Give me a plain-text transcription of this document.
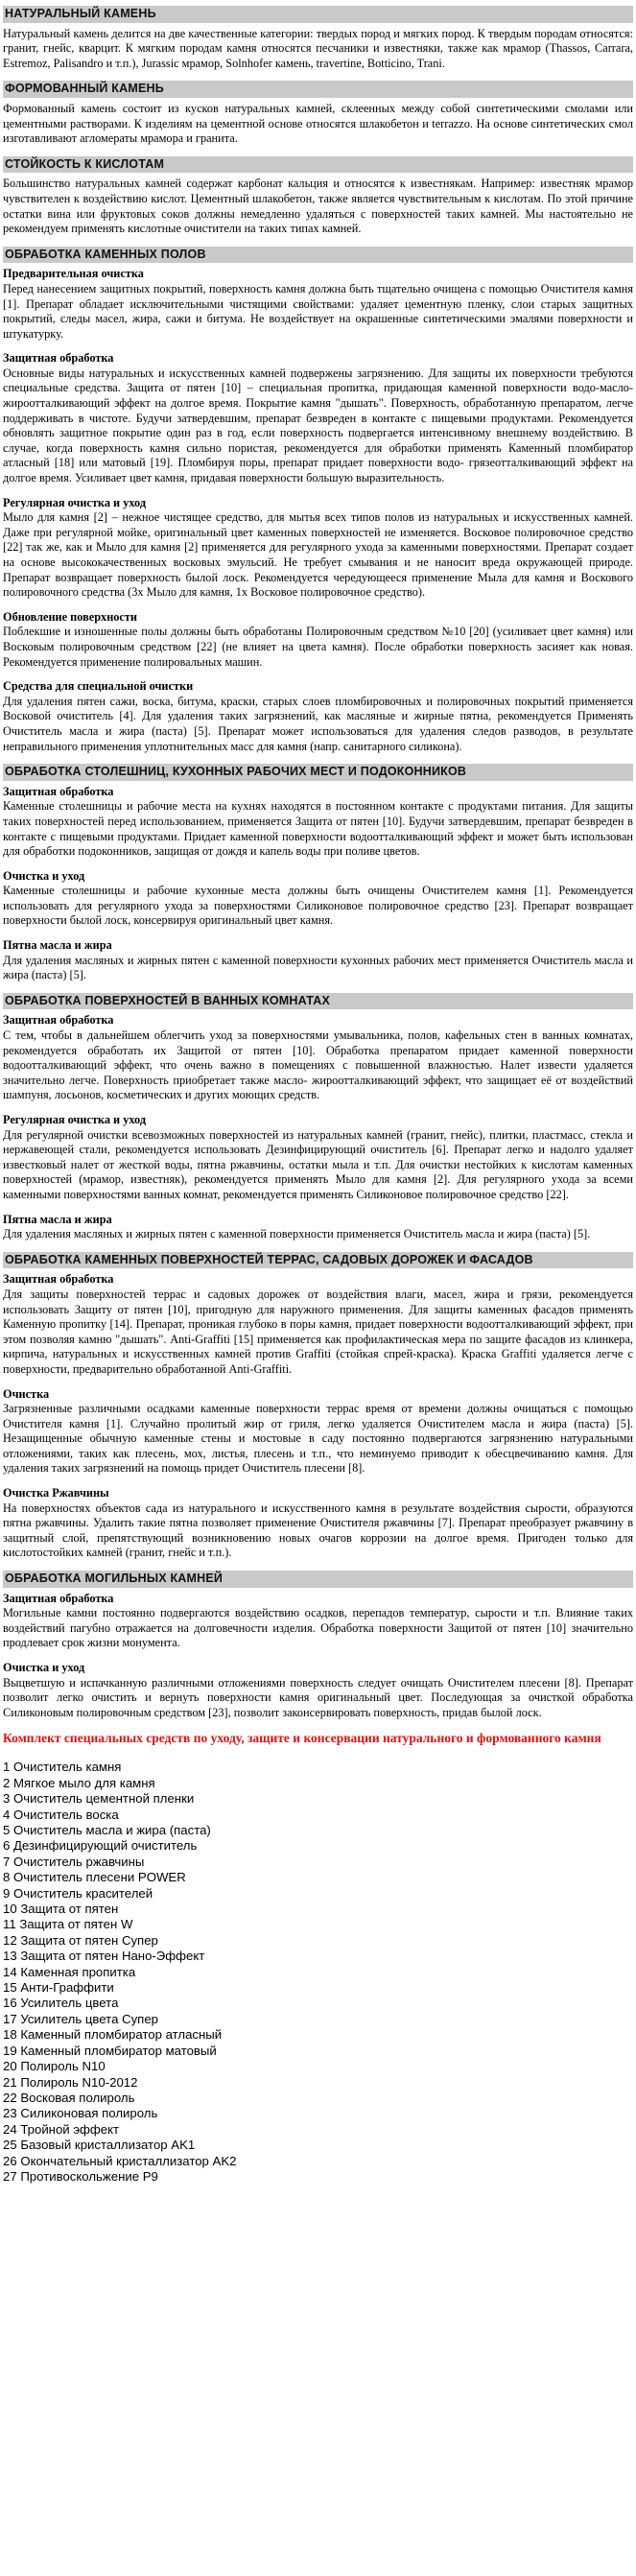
НАТУРАЛЬНЫЙ КАМЕНЬ

Натуральный камень делится на две качественные категории: твердых пород и мягких пород. К твердым породам относятся: гранит, гнейс, кварцит. К мягким породам камня относятся песчаники и известняки, также как мрамор (Thassos, Carrara, Estremoz, Palisandro и т.п.), Jurassic мрамор, Solnhofer камень, travertine, Botticino, Trani.

ФОРМОВАННЫЙ КАМЕНЬ

Формованный камень состоит из кусков натуральных камней, склеенных между собой синтетическими смолами или цементными растворами. К изделиям на цементной основе относятся шлакобетон и terrazzo. На основе синтетических смол изготавливают агломераты мрамора и гранита.

СТОЙКОСТЬ К КИСЛОТАМ

Большинство натуральных камней содержат карбонат кальция и относятся к известнякам. Например: известняк мрамор чувствителен к воздействию кислот. Цементный шлакобетон, также является чувствительным к кислотам. По этой причине остатки вина или фруктовых соков должны немедленно удаляться с поверхностей таких камней. Мы настоятельно не рекомендуем применять кислотные очистители на таких типах камней.

ОБРАБОТКА КАМЕННЫХ ПОЛОВ
Предварительная очистка

Перед нанесением защитных покрытий, поверхность камня должна быть тщательно очищена с помощью Очистителя камня [1]. Препарат обладает исключительными чистящими свойствами: удаляет цементную пленку, слои старых защитных покрытий, следы масел, жира, сажи и битума. Не воздействует на окрашенные синтетическими эмалями поверхности и штукатурку.

Защитная обработка

Основные виды натуральных и искусственных камней подвержены загрязнению. Для защиты их поверхности требуются специальные средства. Защита от пятен [10] – специальная пропитка, придающая каменной поверхности водо-масло-жироотталкивающий эффект на долгое время. Покрытие камня "дышать". Поверхность, обработанную препаратом, легче поддерживать в чистоте. Будучи затвердевшим, препарат безвреден в контакте с пищевыми продуктами. Рекомендуется обновлять защитное покрытие один раз в год, если поверхность подвергается интенсивному внешнему воздействию. В случае, когда поверхность камня сильно пористая, рекомендуется для обработки применять Каменный пломбиратор атласный [18] или матовый [19]. Пломбируя поры, препарат придает поверхности водо- грязеотталкивающий эффект на долгое время. Усиливает цвет камня, придавая поверхности большую выразительность.

Регулярная очистка и уход

Мыло для камня [2] – нежное чистящее средство, для мытья всех типов полов из натуральных и искусственных камней. Даже при регулярной мойке, оригинальный цвет каменных поверхностей не изменяется. Восковое полировочное средство [22] так же, как и Мыло для камня [2] применяется для регулярного ухода за каменными поверхностями. Препарат создает на основе высококачественных восковых эмульсий. Не требует смывания и не наносит вреда окружающей природе. Препарат возвращает поверхность былой лоск. Рекомендуется чередующееся применение Мыла для камня и Воскового полировочного средства (3х Мыло для камня, 1х Восковое полировочное средство).

Обновление поверхности

Поблекшие и изношенные полы должны быть обработаны Полировочным средством №10 [20] (усиливает цвет камня) или Восковым полировочным средством [22] (не влияет на цвета камня). После обработки поверхность засияет как новая. Рекомендуется применение полировальных машин.

Средства для специальной очистки

Для удаления пятен сажи, воска, битума, краски, старых слоев пломбировочных и полировочных покрытий применяется Восковой очиститель [4]. Для удаления таких загрязнений, как масляные и жирные пятна, рекомендуется Применять Очиститель масла и жира (паста) [5]. Препарат может использоваться для удаления следов разводов, в результате неправильного применения уплотнительных масс для камня (напр. санитарного силикона).

ОБРАБОТКА СТОЛЕШНИЦ, КУХОННЫХ РАБОЧИХ МЕСТ И ПОДОКОННИКОВ
Защитная обработка

Каменные столешницы и рабочие места на кухнях находятся в постоянном контакте с продуктами питания. Для защиты таких поверхностей перед использованием, применяется Защита от пятен [10]. Будучи затвердевшим, препарат безвреден в контакте с пищевыми продуктами. Придает каменной поверхности водоотталкивающий эффект и может быть использован для обработки подоконников, защищая от дождя и капель воды при поливе цветов.

Очистка и уход

Каменные столешницы и рабочие кухонные места должны быть очищены Очистителем камня [1]. Рекомендуется использовать для регулярного ухода за поверхностями Силиконовое полировочное средство [23]. Препарат возвращает поверхности былой лоск, консервируя оригинальный цвет камня.

Пятна масла и жира

Для удаления масляных и жирных пятен с каменной поверхности кухонных рабочих мест применяется Очиститель масла и жира (паста) [5].

ОБРАБОТКА ПОВЕРХНОСТЕЙ В ВАННЫХ КОМНАТАХ
Защитная обработка

С тем, чтобы в дальнейшем облегчить уход за поверхностями умывальника, полов, кафельных стен в ванных комнатах, рекомендуется обработать их Защитой от пятен [10]. Обработка препаратом придает каменной поверхности водоотталкивающий эффект, что очень важно в помещениях с повышенной влажностью. Налет извести удаляется значительно легче. Поверхность приобретает также масло- жироотталкивающий эффект, что защищает её от воздействий шампуня, лосьонов, косметических и других моющих средств.

Регулярная очистка и уход

Для регулярной очистки всевозможных поверхностей из натуральных камней (гранит, гнейс), плитки, пластмасс, стекла и нержавеющей стали, рекомендуется использовать Дезинфицирующий очиститель [6]. Препарат легко и надолго удаляет известковый налет от жесткой воды, пятна ржавчины, остатки мыла и т.п. Для очистки нестойких к кислотам каменных поверхностей (мрамор, известняк), рекомендуется применять Мыло для камня [2]. Для регулярного ухода за всеми каменными поверхностями ванных комнат, рекомендуется применять Силиконовое полировочное средство [22].

Пятна масла и жира

Для удаления масляных и жирных пятен с каменной поверхности применяется Очиститель масла и жира (паста) [5].

ОБРАБОТКА КАМЕННЫХ ПОВЕРХНОСТЕЙ ТЕРРАС, САДОВЫХ ДОРОЖЕК И ФАСАДОВ
Защитная обработка

Для защиты поверхностей террас и садовых дорожек от воздействия влаги, масел, жира и грязи, рекомендуется использовать Защиту от пятен [10], пригодную для наружного применения. Для защиты каменных фасадов применять Каменную пропитку [14]. Препарат, проникая глубоко в поры камня, придает поверхности водоотталкивающий эффект, при этом позволяя камню "дышать". Anti-Graffiti [15] применяется как профилактическая мера по защите фасадов из клинкера, кирпича, натуральных и искусственных камней против Graffiti (стойкая спрей-краска). Краска Graffiti удаляется легче с поверхности, предварительно обработанной Anti-Graffiti.

Очистка

Загрязненные различными осадками каменные поверхности террас время от времени должны очищаться с помощью Очистителя камня [1]. Случайно пролитый жир от гриля, легко удаляется Очистителем масла и жира (паста) [5]. Незащищенные обычную каменные стены и мостовые в саду постоянно подвергаются загрязнению натуральными отложениями, таких как плесень, мох, листья, плесень и т.п., что неминуемо приводит к обесцвечиванию камня. Для удаления таких загрязнений на помощь придет Очиститель плесени [8].

Очистка Ржавчины

На поверхностях объектов сада из натурального и искусственного камня в результате воздействия сырости, образуются пятна ржавчины. Удалить такие пятна позволяет применение Очистителя ржавчины [7]. Препарат преобразует ржавчину в защитный слой, препятствующий возникновению новых очагов коррозии на долгое время. Пригоден только для кислотостойких камней (гранит, гнейс и т.п.).

ОБРАБОТКА МОГИЛЬНЫХ КАМНЕЙ
Защитная обработка

Могильные камни постоянно подвергаются воздействию осадков, перепадов температур, сырости и т.п. Влияние таких воздействий пагубно отражается на долговечности изделия. Обработка поверхности Защитой от пятен [10] значительно продлевает срок жизни монумента.

Очистка и уход

Выцветшую и испачканную различными отложениями поверхность следует очищать Очистителем плесени [8]. Препарат позволит легко очистить и вернуть поверхности камня оригинальный цвет. Последующая за очисткой обработка Силиконовым полировочным средством [23], позволит законсервировать поверхность, придав былой лоск.

Комплект специальных средств по уходу, защите и консервации натурального и формованного камня
1 Очиститель камня
2 Мягкое мыло для камня
3 Очиститель цементной пленки
4 Очиститель воска
5 Очиститель масла и жира (паста)
6 Дезинфицирующий очиститель
7 Очиститель ржавчины
8 Очиститель плесени POWER
9 Очиститель красителей
10 Защита от пятен
11 Защита от пятен W
12 Защита от пятен Супер
13 Защита от пятен Нано-Эффект
14 Каменная пропитка
15 Анти-Граффити
16 Усилитель цвета
17 Усилитель цвета Супер
18 Каменный пломбиратор атласный
19 Каменный пломбиратор матовый
20 Полироль N10
21 Полироль N10-2012
22 Восковая полироль
23 Силиконовая полироль
24 Тройной эффект
25 Базовый кристаллизатор AK1
26 Окончательный кристаллизатор AK2
27 Противоскольжение P9
